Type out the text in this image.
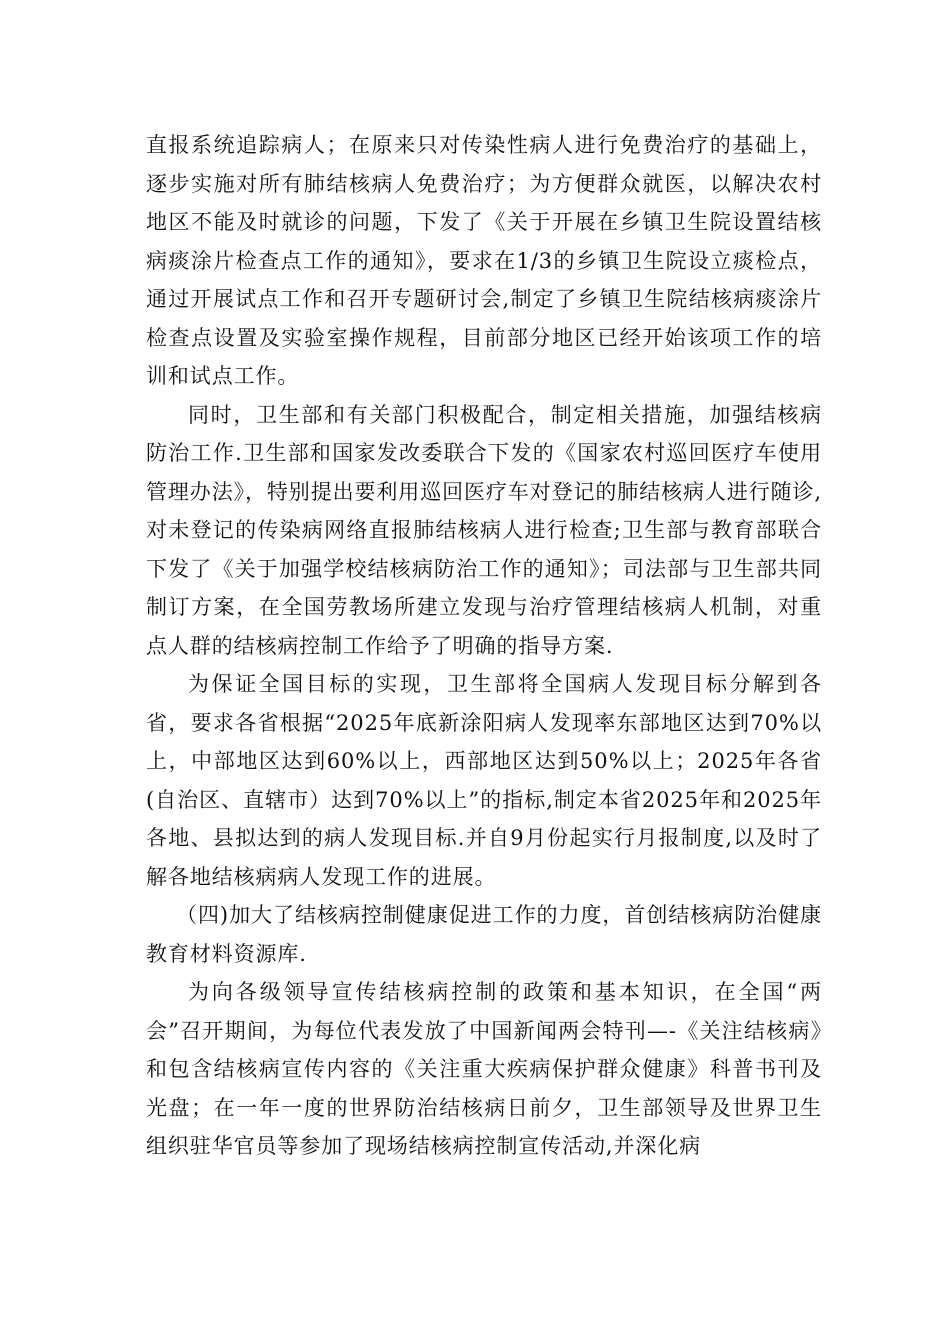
直报系统追踪病人；在原来只对传染性病人进行免费治疗的基础上，逐步实施对所有肺结核病人免费治疗；为方便群众就医，以解决农村地区不能及时就诊的问题，下发了《关于开展在乡镇卫生院设置结核病痰涂片检查点工作的通知》，要求在1/3的乡镇卫生院设立痰检点，通过开展试点工作和召开专题研讨会,制定了乡镇卫生院结核病痰涂片检查点设置及实验室操作规程，目前部分地区已经开始该项工作的培训和试点工作。

同时，卫生部和有关部门积极配合，制定相关措施，加强结核病防治工作.卫生部和国家发改委联合下发的《国家农村巡回医疗车使用管理办法》，特别提出要利用巡回医疗车对登记的肺结核病人进行随诊,对未登记的传染病网络直报肺结核病人进行检查;卫生部与教育部联合下发了《关于加强学校结核病防治工作的通知》；司法部与卫生部共同制订方案，在全国劳教场所建立发现与治疗管理结核病人机制，对重点人群的结核病控制工作给予了明确的指导方案.

为保证全国目标的实现，卫生部将全国病人发现目标分解到各省，要求各省根据“2025年底新涂阳病人发现率东部地区达到70%以上，中部地区达到60%以上，西部地区达到50%以上；2025年各省(自治区、直辖市）达到70%以上”的指标,制定本省2025年和2025年各地、县拟达到的病人发现目标.并自9月份起实行月报制度,以及时了解各地结核病病人发现工作的进展。

（四)加大了结核病控制健康促进工作的力度，首创结核病防治健康教育材料资源库.

为向各级领导宣传结核病控制的政策和基本知识，在全国“两会”召开期间，为每位代表发放了中国新闻两会特刊—-《关注结核病》和包含结核病宣传内容的《关注重大疾病保护群众健康》科普书刊及光盘；在一年一度的世界防治结核病日前夕，卫生部领导及世界卫生组织驻华官员等参加了现场结核病控制宣传活动,并深化病
